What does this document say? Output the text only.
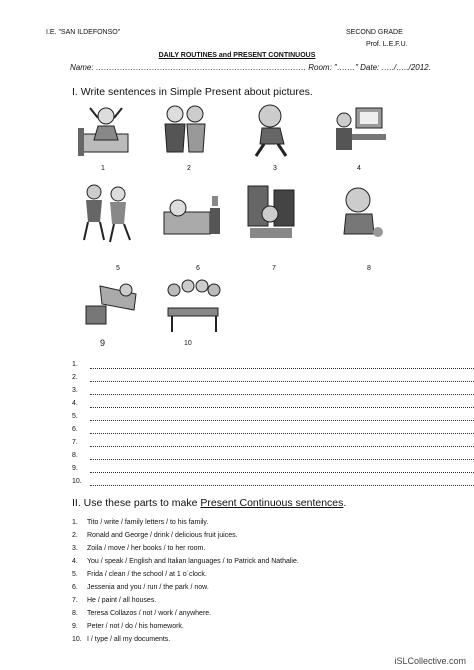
I.E. "SAN ILDEFONSO"	SECOND GRADE
Prof. L.E.F.U.
DAILY ROUTINES and PRESENT CONTINUOUS
Name: ……………………………………………………………………. Room: "….…" Date: …../…../2012.
I. Write sentences in Simple Present about pictures.
1	2	3	4
5	6	7	8
9	10
1.
2.
3.
4.
5.
6.
7.
8.
9.
10.
II. Use these parts to make Present Continuous sentences.
1. Tito / write / family letters / to his family.
2. Ronald and George / drink / delicious fruit juices.
3. Zoila / move / her books / to her room.
4. You / speak / English and Italian languages / to Patrick and Nathalie.
5. Frida / clean / the school / at 1 o´clock.
6. Jessenia and you / run / the park / now.
7. He / paint / all houses.
8. Teresa Collazos / not / work / anywhere.
9. Peter / not / do / his homework.
10. I / type / all my documents.
iSLCollective.com
